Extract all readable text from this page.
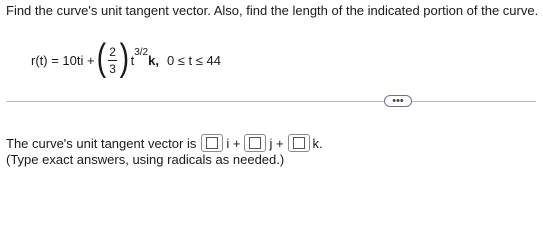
Find the curve's unit tangent vector. Also, find the length of the indicated portion of the curve.
r(t) = 10ti + ( $\frac{2}{3}$ ) t
3/2
k, 0 ≤ t ≤ 44
•••
The curve's unit tangent vector is i + j + k.
(Type exact answers, using radicals as needed.)
